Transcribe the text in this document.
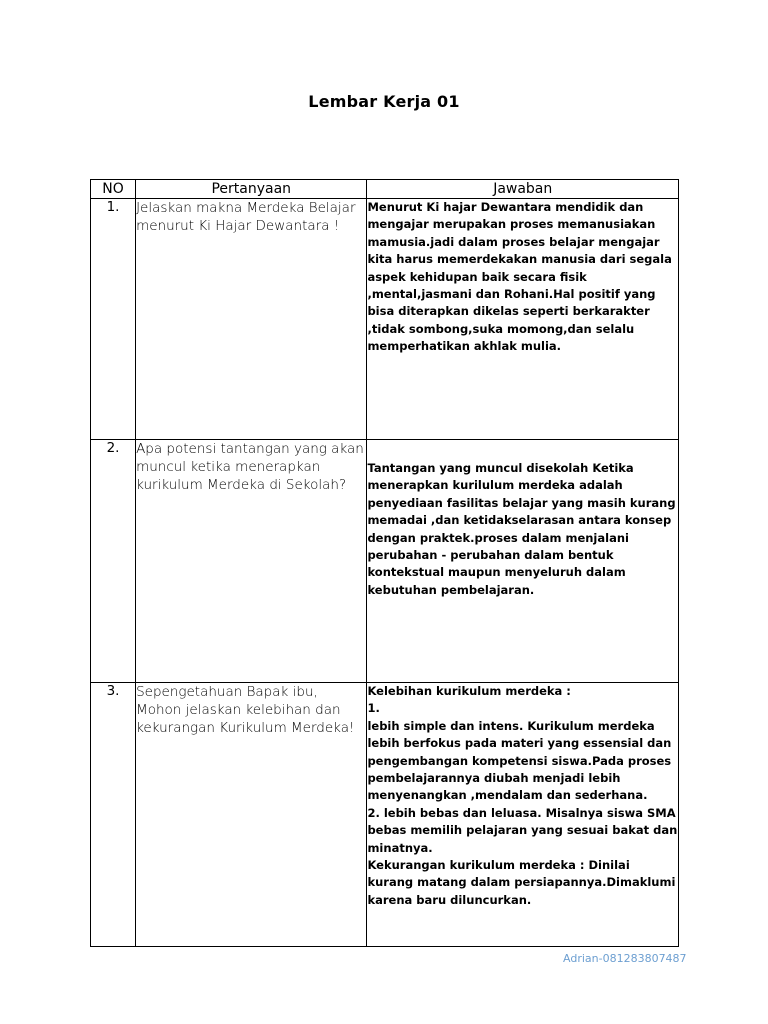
Lembar Kerja 01
NO	Pertanyaan	Jawaban
1.	Jelaskan makna Merdeka Belajar menurut Ki Hajar Dewantara !	Menurut Ki hajar Dewantara mendidik dan mengajar merupakan proses memanusiakan mamusia.jadi dalam proses belajar mengajar kita harus memerdekakan manusia dari segala aspek kehidupan baik secara fisik ,mental,jasmani dan Rohani.Hal positif yang bisa diterapkan dikelas seperti berkarakter ,tidak sombong,suka momong,dan selalu memperhatikan akhlak mulia.
2.	Apa potensi tantangan yang akan muncul ketika menerapkan kurikulum Merdeka di Sekolah?	Tantangan yang muncul disekolah Ketika menerapkan kurilulum merdeka adalah penyediaan fasilitas belajar yang masih kurang memadai ,dan ketidakselarasan antara konsep dengan praktek.proses dalam menjalani perubahan - perubahan dalam bentuk kontekstual maupun menyeluruh dalam kebutuhan pembelajaran.
3.	Sepengetahuan Bapak ibu, Mohon jelaskan kelebihan dan kekurangan Kurikulum Merdeka!	Kelebihan kurikulum merdeka :
1.
lebih simple dan intens. Kurikulum merdeka lebih berfokus pada materi yang essensial dan pengembangan kompetensi siswa.Pada proses pembelajarannya diubah menjadi lebih menyenangkan ,mendalam dan sederhana.
2. lebih bebas dan leluasa. Misalnya siswa SMA bebas memilih pelajaran yang sesuai bakat dan minatnya.
Kekurangan kurikulum merdeka : Dinilai kurang matang dalam persiapannya.Dimaklumi karena baru diluncurkan.
Adrian-081283807487
